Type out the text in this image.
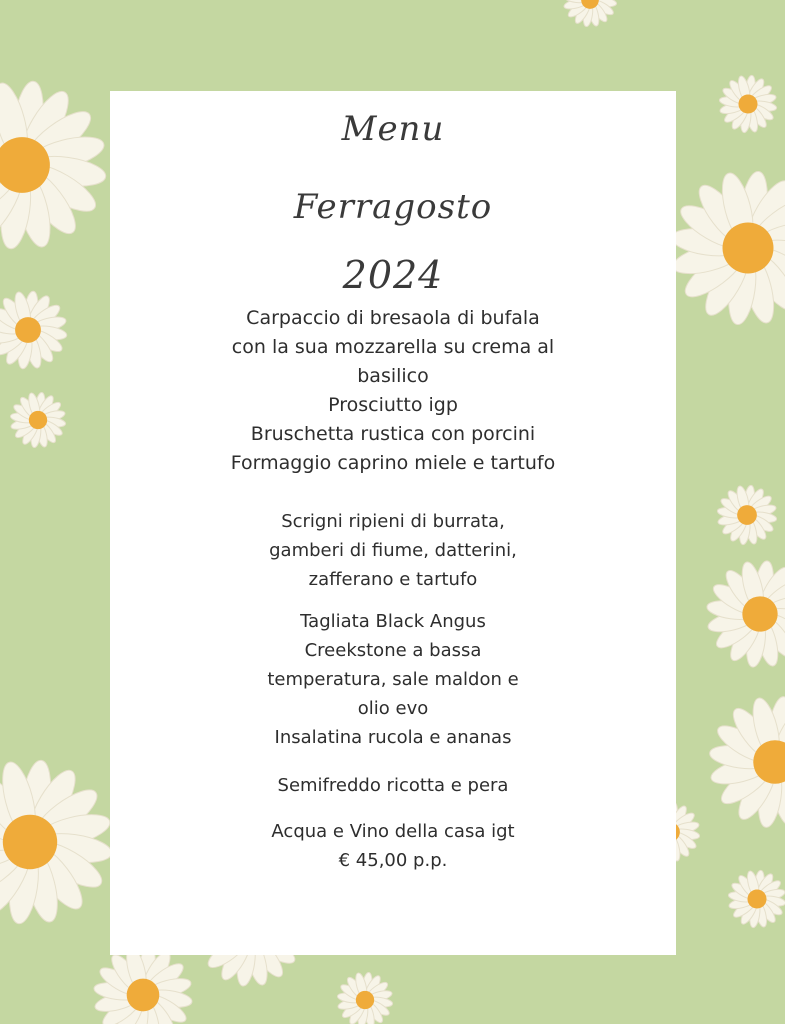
Menu
Ferragosto
2024
Carpaccio di bresaola di bufala
con la sua mozzarella su crema al
basilico
Prosciutto igp
Bruschetta rustica con porcini
Formaggio caprino miele e tartufo
Scrigni ripieni di burrata,
gamberi di fiume, datterini,
zafferano e tartufo
Tagliata Black Angus
Creekstone a bassa
temperatura, sale maldon e
olio evo
Insalatina rucola e ananas
Semifreddo ricotta e pera
Acqua e Vino della casa igt
€ 45,00 p.p.
